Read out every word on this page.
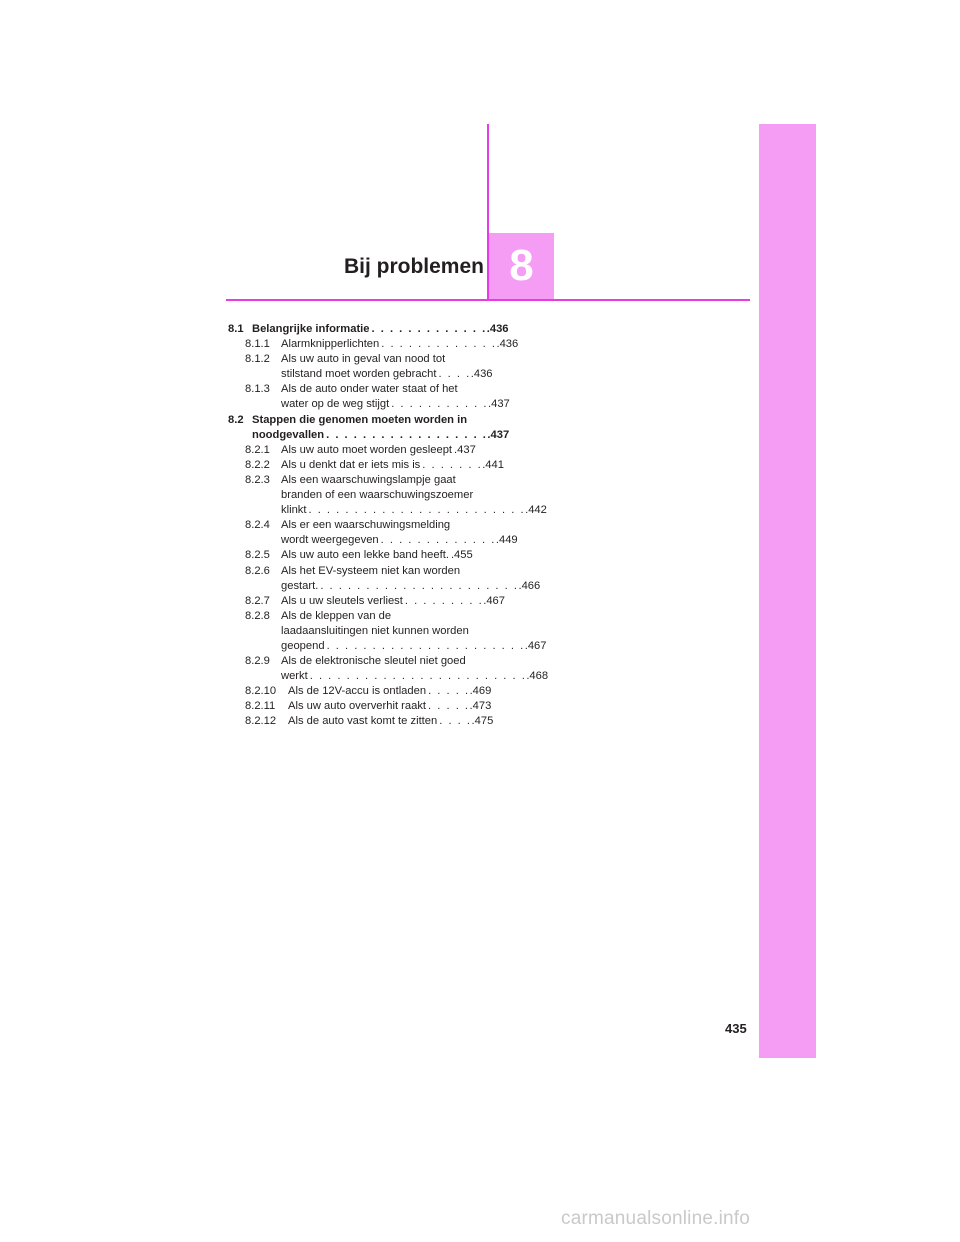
8
Bij problemen
8.1 Belangrijke informatie . . . . . . . . . . . . . .436
8.1.1 Alarmknipperlichten . . . . . . . . . . . . . .436
8.1.2 Als uw auto in geval van nood tot
stilstand moet worden gebracht . . . . .436
8.1.3 Als de auto onder water staat of het
water op de weg stijgt . . . . . . . . . . . .437
8.2 Stappen die genomen moeten worden in
noodgevallen . . . . . . . . . . . . . . . . . . .437
8.2.1 Als uw auto moet worden gesleept .437
8.2.2 Als u denkt dat er iets mis is . . . . . . . .441
8.2.3 Als een waarschuwingslampje gaat
branden of een waarschuwingszoemer
klinkt . . . . . . . . . . . . . . . . . . . . . . . . .442
8.2.4 Als er een waarschuwingsmelding
wordt weergegeven . . . . . . . . . . . . . .449
8.2.5 Als uw auto een lekke band heeft. .455
8.2.6 Als het EV-systeem niet kan worden
gestart. . . . . . . . . . . . . . . . . . . . . . . .466
8.2.7 Als u uw sleutels verliest . . . . . . . . . .467
8.2.8 Als de kleppen van de
laadaansluitingen niet kunnen worden
geopend . . . . . . . . . . . . . . . . . . . . . . .467
8.2.9 Als de elektronische sleutel niet goed
werkt . . . . . . . . . . . . . . . . . . . . . . . . .468
8.2.10 Als de 12V-accu is ontladen . . . . . .469
8.2.11 Als uw auto oververhit raakt . . . . . .473
8.2.12 Als de auto vast komt te zitten . . . . .475
435
carmanualsonline.info
